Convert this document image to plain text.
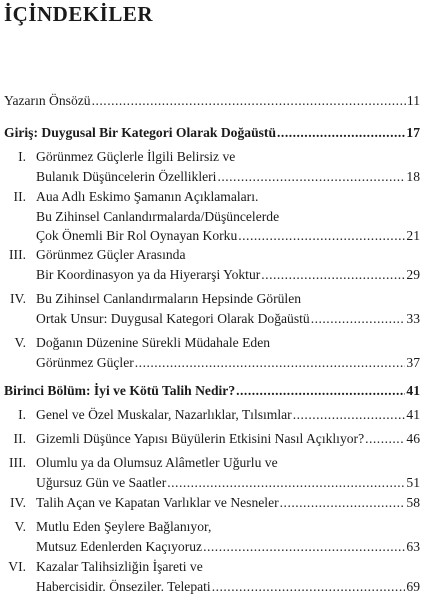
İÇİNDEKİLER
Yazarın Önsözü .....	11
Giriş: Duygusal Bir Kategori Olarak Doğaüstü .....	17
I. Görünmez Güçlerle İlgili Belirsiz ve
Bulanık Düşüncelerin Özellikleri .....	18
II. Aua Adlı Eskimo Şamanın Açıklamaları.
Bu Zihinsel Canlandırmalarda/Düşüncelerde
Çok Önemli Bir Rol Oynayan Korku .....	21
III. Görünmez Güçler Arasında
Bir Koordinasyon ya da Hiyerarşi Yoktur .....	29
IV. Bu Zihinsel Canlandırmaların Hepsinde Görülen
Ortak Unsur: Duygusal Kategori Olarak Doğaüstü .....	33
V. Doğanın Düzenine Sürekli Müdahale Eden
Görünmez Güçler .....	37
Birinci Bölüm: İyi ve Kötü Talih Nedir? .....	41
I. Genel ve Özel Muskalar, Nazarlıklar, Tılsımlar .....	41
II. Gizemli Düşünce Yapısı Büyülerin Etkisini Nasıl Açıklıyor? .....	46
III. Olumlu ya da Olumsuz Alâmetler Uğurlu ve
Uğursuz Gün ve Saatler .....	51
IV. Talih Açan ve Kapatan Varlıklar ve Nesneler .....	58
V. Mutlu Eden Şeylere Bağlanıyor,
Mutsuz Edenlerden Kaçıyoruz .....	63
VI. Kazalar Talihsizliğin İşareti ve
Habercisidir. Önseziler. Telepati .....	69
